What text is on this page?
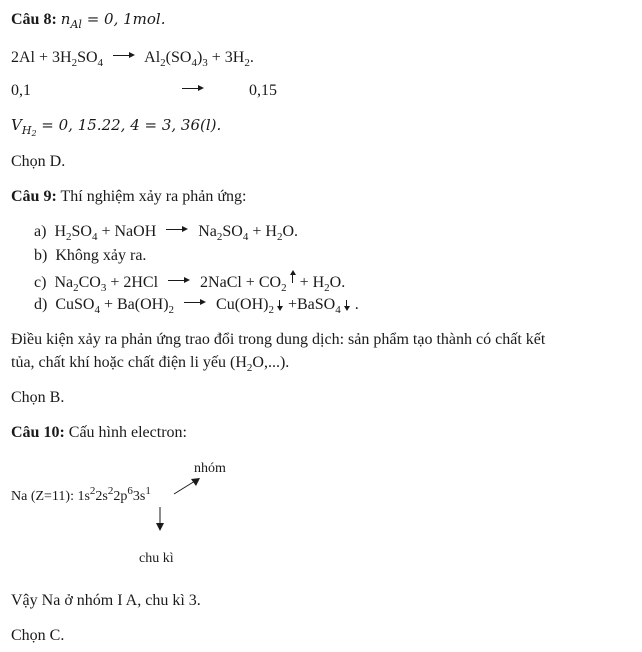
Câu 8: $n_{Al} = 0$, 1mol.
$2Al + 3H_2SO_4$	$Al_2(SO_4)_3 + 3H_2$.
0,1	0,15
$V_{H2} = 0$, 15.22, 4 = 3, 36(l).
Chọn D.
Câu 9: Thí nghiệm xảy ra phản ứng:
a) $H_2SO_4$ + NaOH	$Na_2SO_4 + H_2O$.
b) Không xảy ra.
c) $Na_2CO_3 + 2HCl$	2NaCl + $CO_2 + H_2O$.
d) CuSO$_4$ + $Ba(OH)_2$	$Cu(OH)_2$ +BaSO$_4$ .
Điều kiện xảy ra phản ứng trao đổi trong dung dịch: sản phẩm tạo thành có chất kết
tủa, chất khí hoặc chất điện li yếu $(H_2O,...)$.
Chọn B.
Câu 10: Cấu hình electron:
nhóm
Na (Z=11): $1s^22s^22p^63s^1$
chu kì
Vậy Na ở nhóm I A, chu kì 3.
Chọn C.
